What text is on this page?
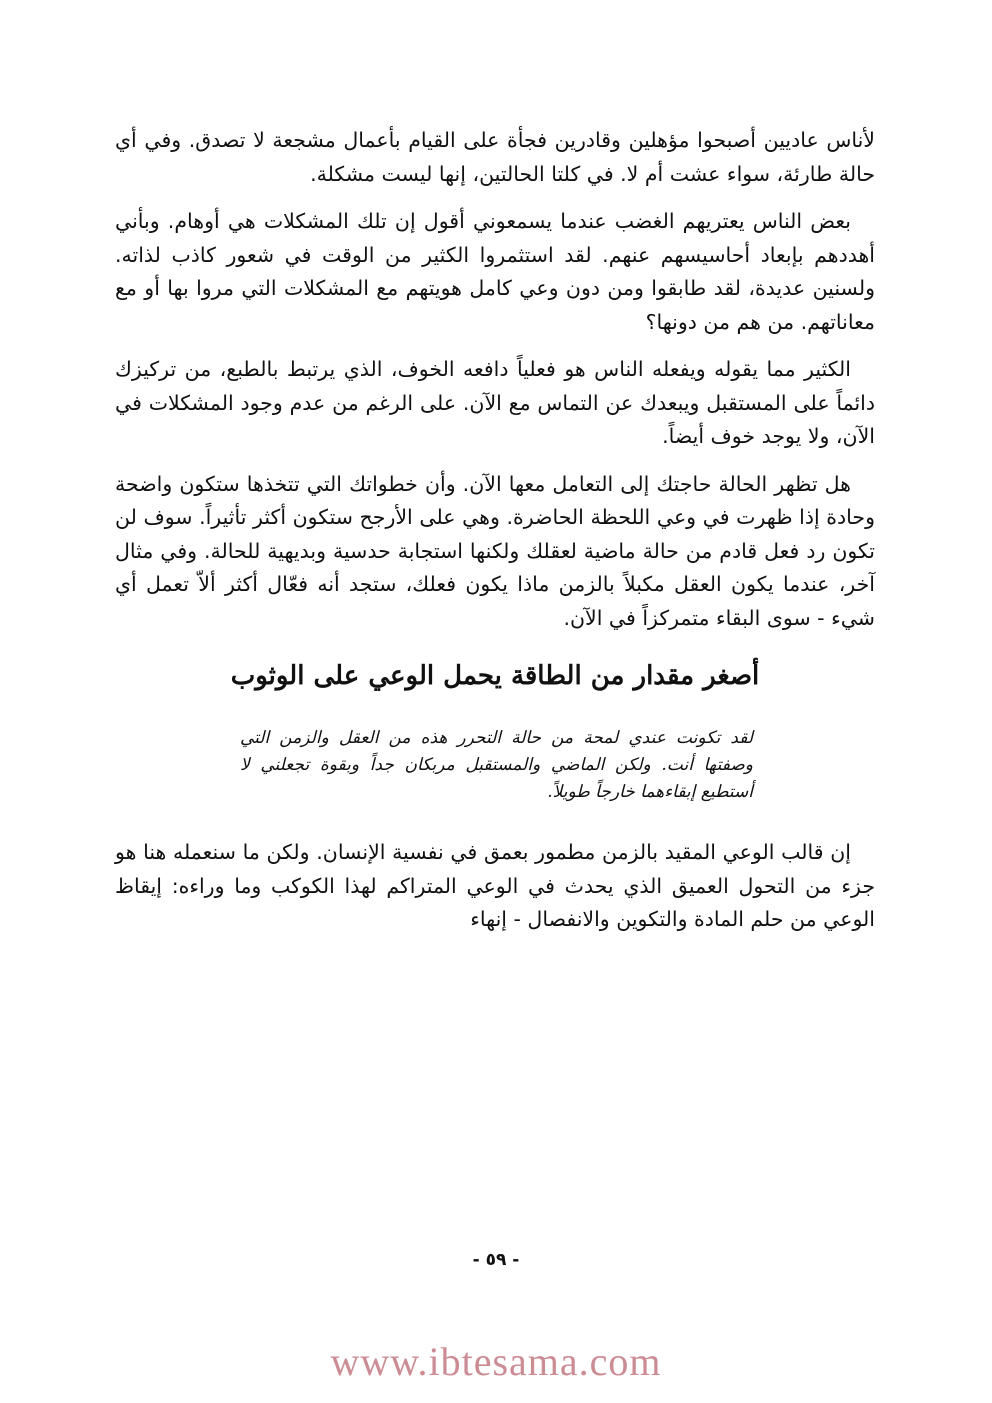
لأناس عاديين أصبحوا مؤهلين وقادرين فجأة على القيام بأعمال مشجعة لا تصدق. وفي أي حالة طارئة، سواء عشت أم لا. في كلتا الحالتين، إنها ليست مشكلة.

بعض الناس يعتريهم الغضب عندما يسمعوني أقول إن تلك المشكلات هي أوهام. وبأني أهددهم بإبعاد أحاسيسهم عنهم. لقد استثمروا الكثير من الوقت في شعور كاذب لذاته. ولسنين عديدة، لقد طابقوا ومن دون وعي كامل هويتهم مع المشكلات التي مروا بها أو مع معاناتهم. من هم من دونها؟

الكثير مما يقوله ويفعله الناس هو فعلياً دافعه الخوف، الذي يرتبط بالطبع، من تركيزك دائماً على المستقبل ويبعدك عن التماس مع الآن. على الرغم من عدم وجود المشكلات في الآن، ولا يوجد خوف أيضاً.

هل تظهر الحالة حاجتك إلى التعامل معها الآن. وأن خطواتك التي تتخذها ستكون واضحة وحادة إذا ظهرت في وعي اللحظة الحاضرة. وهي على الأرجح ستكون أكثر تأثيراً. سوف لن تكون رد فعل قادم من حالة ماضية لعقلك ولكنها استجابة حدسية وبديهية للحالة. وفي مثال آخر، عندما يكون العقل مكبلاً بالزمن ماذا يكون فعلك، ستجد أنه فعّال أكثر ألاّ تعمل أي شيء - سوى البقاء متمركزاً في الآن.

أصغر مقدار من الطاقة يحمل الوعي على الوثوب

لقد تكونت عندي لمحة من حالة التحرر هذه من العقل والزمن التي وصفتها أنت. ولكن الماضي والمستقبل مربكان جداً وبقوة تجعلني لا أستطيع إبقاءهما خارجاً طويلاً.

إن قالب الوعي المقيد بالزمن مطمور بعمق في نفسية الإنسان. ولكن ما سنعمله هنا هو جزء من التحول العميق الذي يحدث في الوعي المتراكم لهذا الكوكب وما وراءه: إيقاظ الوعي من حلم المادة والتكوين والانفصال - إنهاء

- ٥٩ -
www.ibtesama.com
